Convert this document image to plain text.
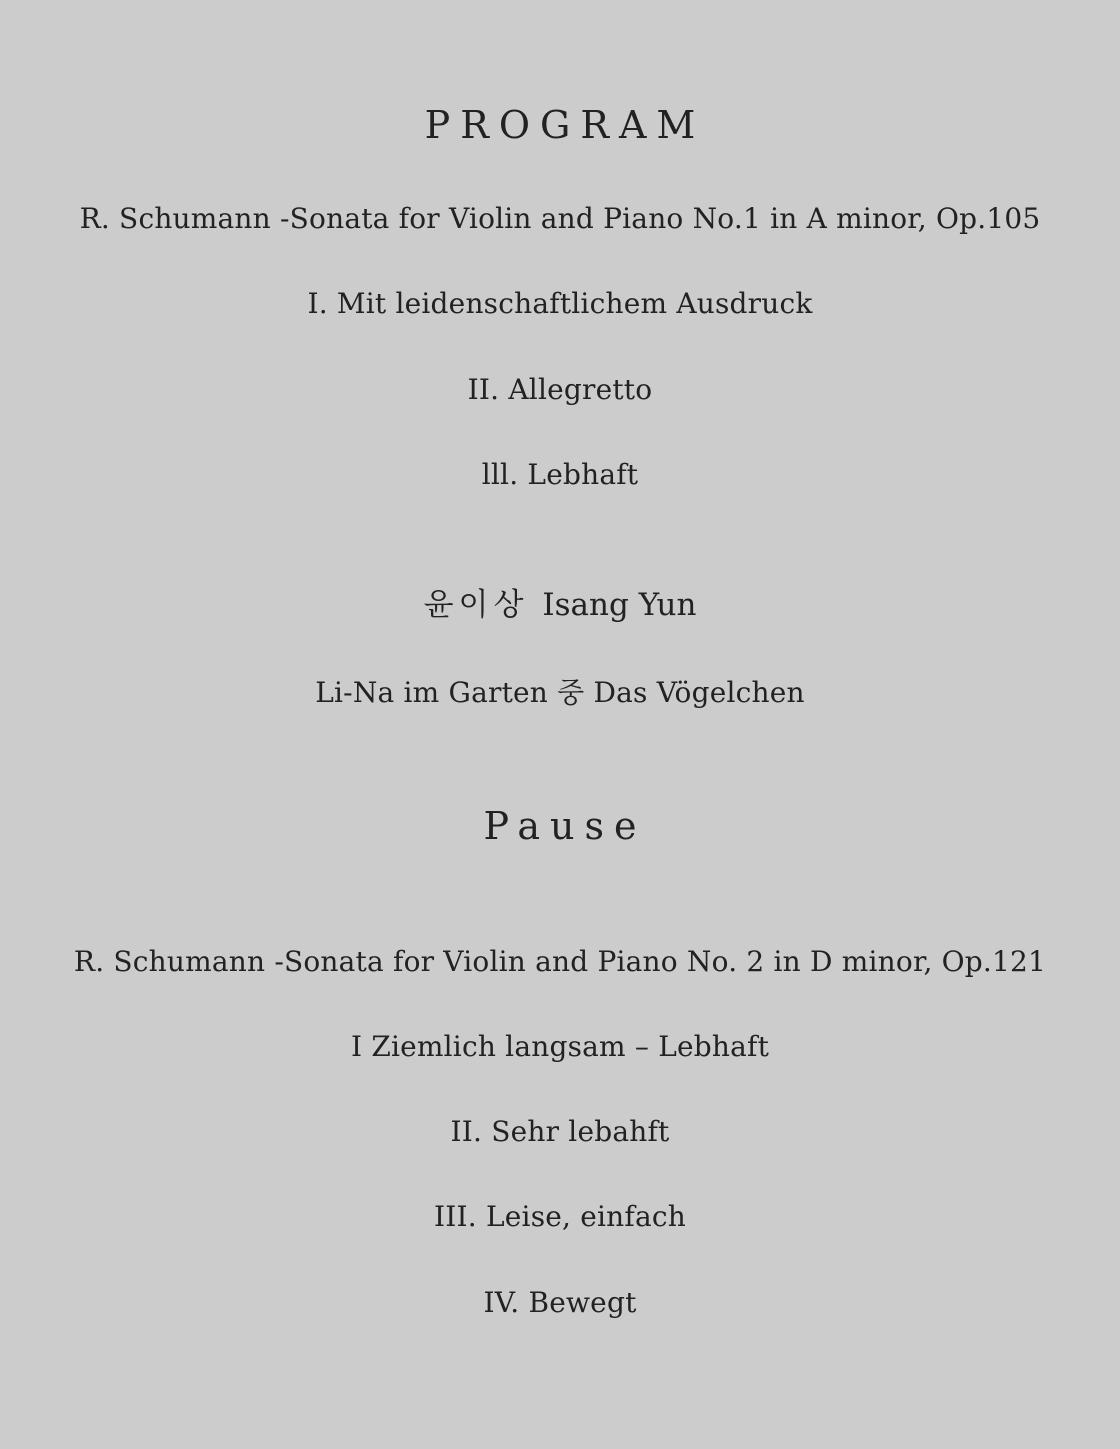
PROGRAM
R. Schumann -Sonata for Violin and Piano No.1 in A minor, Op.105
I. Mit leidenschaftlichem Ausdruck
II. Allegretto
lll. Lebhaft
윤이상 Isang Yun
Li-Na im Garten 중 Das Vögelchen
Pause
R. Schumann -Sonata for Violin and Piano No. 2 in D minor, Op.121
I Ziemlich langsam – Lebhaft
II. Sehr lebahft
III. Leise, einfach
IV. Bewegt
